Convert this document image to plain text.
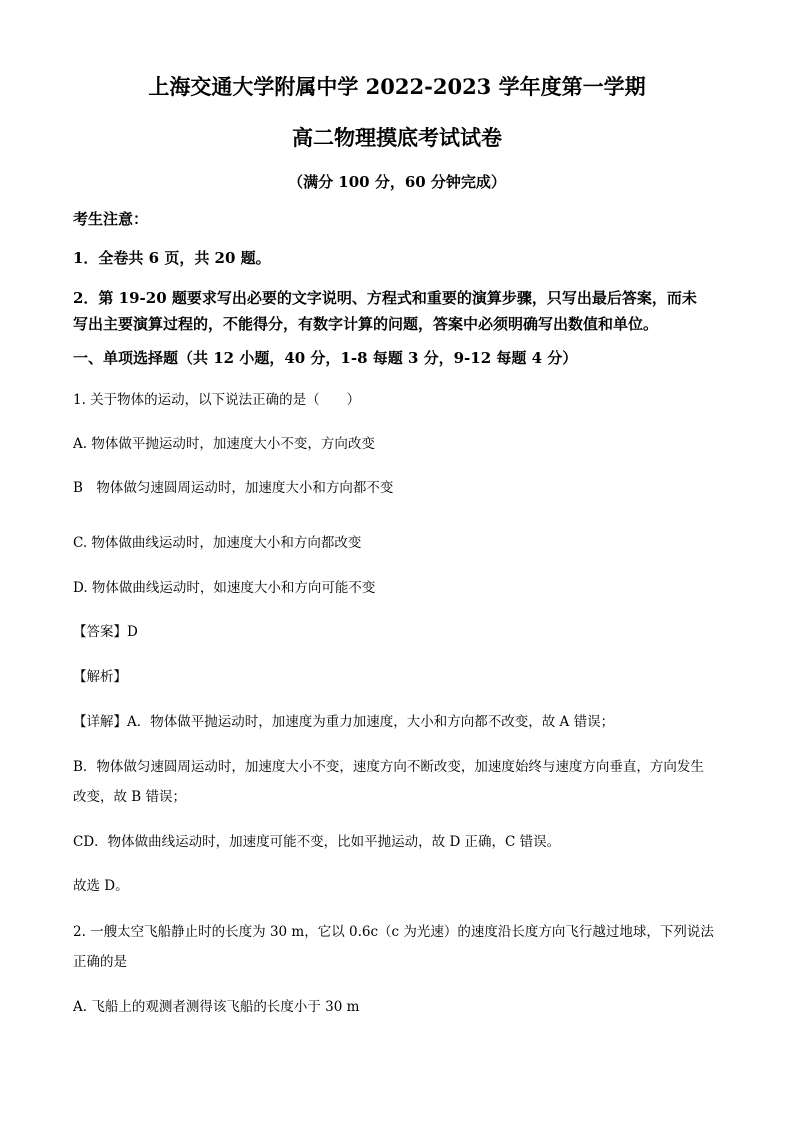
上海交通大学附属中学 2022-2023 学年度第一学期
高二物理摸底考试试卷
（满分 100 分，60 分钟完成）
考生注意：
1．全卷共 6 页，共 20 题。
2．第 19-20 题要求写出必要的文字说明、方程式和重要的演算步骤，只写出最后答案，而未
写出主要演算过程的，不能得分，有数字计算的问题，答案中必须明确写出数值和单位。
一、单项选择题（共 12 小题，40 分，1-8 每题 3 分，9-12 每题 4 分）
1. 关于物体的运动，以下说法正确的是（　　）
A. 物体做平抛运动时，加速度大小不变，方向改变
B　物体做匀速圆周运动时，加速度大小和方向都不变
C. 物体做曲线运动时，加速度大小和方向都改变
D. 物体做曲线运动时，如速度大小和方向可能不变
【答案】D
【解析】
【详解】A．物体做平抛运动时，加速度为重力加速度，大小和方向都不改变，故 A 错误；
B．物体做匀速圆周运动时，加速度大小不变，速度方向不断改变，加速度始终与速度方向垂直，方向发生
改变，故 B 错误；
CD．物体做曲线运动时，加速度可能不变，比如平抛运动，故 D 正确，C 错误。
故选 D。
2. 一艘太空飞船静止时的长度为 30 m，它以 0.6c（c 为光速）的速度沿长度方向飞行越过地球，下列说法
正确的是
A. 飞船上的观测者测得该飞船的长度小于 30 m
